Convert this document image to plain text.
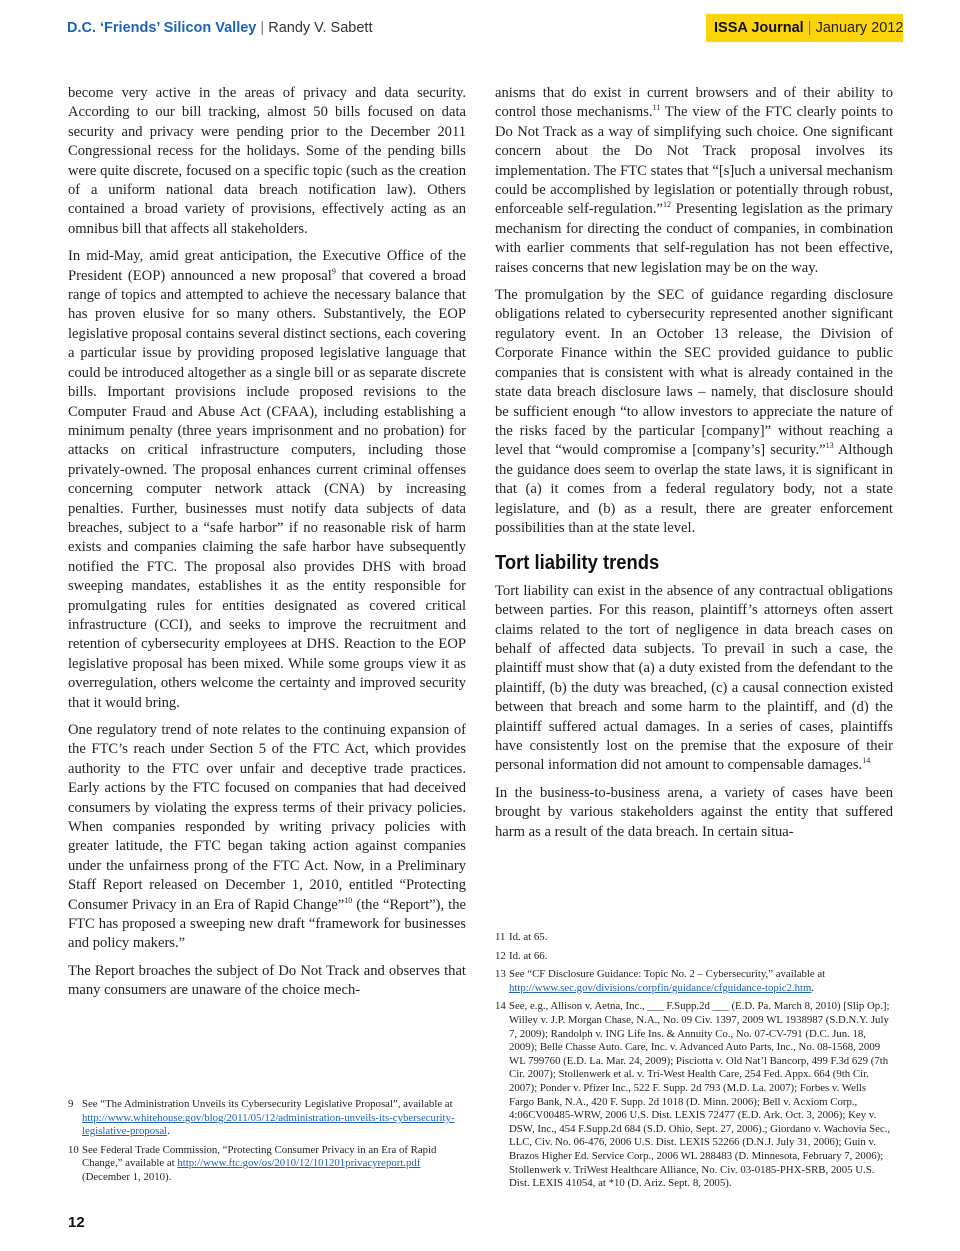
D.C. ‘Friends’ Silicon Valley | Randy V. Sabett	ISSA Journal | January 2012

become very active in the areas of privacy and data security. According to our bill tracking, almost 50 bills focused on data security and privacy were pending prior to the December 2011 Congressional recess for the holidays. Some of the pending bills were quite discrete, focused on a specific topic (such as the creation of a uniform national data breach notification law). Others contained a broad variety of provisions, effectively acting as an omnibus bill that affects all stakeholders.

In mid-May, amid great anticipation, the Executive Office of the President (EOP) announced a new proposal$^9$ that covered a broad range of topics and attempted to achieve the necessary balance that has proven elusive for so many others. Substantively, the EOP legislative proposal contains several distinct sections, each covering a particular issue by providing proposed legislative language that could be introduced altogether as a single bill or as separate discrete bills. Important provisions include proposed revisions to the Computer Fraud and Abuse Act (CFAA), including establishing a minimum penalty (three years imprisonment and no probation) for attacks on critical infrastructure computers, including those privately-owned. The proposal enhances current criminal offenses concerning computer network attack (CNA) by increasing penalties. Further, businesses must notify data subjects of data breaches, subject to a “safe harbor” if no reasonable risk of harm exists and companies claiming the safe harbor have subsequently notified the FTC. The proposal also provides DHS with broad sweeping mandates, establishes it as the entity responsible for promulgating rules for entities designated as covered critical infrastructure (CCI), and seeks to improve the recruitment and retention of cybersecurity employees at DHS. Reaction to the EOP legislative proposal has been mixed. While some groups view it as overregulation, others welcome the certainty and improved security that it would bring.

One regulatory trend of note relates to the continuing expansion of the FTC’s reach under Section 5 of the FTC Act, which provides authority to the FTC over unfair and deceptive trade practices. Early actions by the FTC focused on companies that had deceived consumers by violating the express terms of their privacy policies. When companies responded by writing privacy policies with greater latitude, the FTC began taking action against companies under the unfairness prong of the FTC Act. Now, in a Preliminary Staff Report released on December 1, 2010, entitled “Protecting Consumer Privacy in an Era of Rapid Change”$^{10}$ (the “Report”), the FTC has proposed a sweeping new draft “framework for businesses and policy makers.”

The Report broaches the subject of Do Not Track and observes that many consumers are unaware of the choice mech-

anisms that do exist in current browsers and of their ability to control those mechanisms.$^{11}$ The view of the FTC clearly points to Do Not Track as a way of simplifying such choice. One significant concern about the Do Not Track proposal involves its implementation. The FTC states that “[s]uch a universal mechanism could be accomplished by legislation or potentially through robust, enforceable self-regulation.”$^{12}$ Presenting legislation as the primary mechanism for directing the conduct of companies, in combination with earlier comments that self-regulation has not been effective, raises concerns that new legislation may be on the way.

The promulgation by the SEC of guidance regarding disclosure obligations related to cybersecurity represented another significant regulatory event. In an October 13 release, the Division of Corporate Finance within the SEC provided guidance to public companies that is consistent with what is already contained in the state data breach disclosure laws – namely, that disclosure should be sufficient enough “to allow investors to appreciate the nature of the risks faced by the particular [company]” without reaching a level that “would compromise a [company’s] security.”$^{13}$ Although the guidance does seem to overlap the state laws, it is significant in that (a) it comes from a federal regulatory body, not a state legislature, and (b) as a result, there are greater enforcement possibilities than at the state level.

Tort liability trends

Tort liability can exist in the absence of any contractual obligations between parties. For this reason, plaintiff’s attorneys often assert claims related to the tort of negligence in data breach cases on behalf of affected data subjects. To prevail in such a case, the plaintiff must show that (a) a duty existed from the defendant to the plaintiff, (b) the duty was breached, (c) a causal connection existed between that breach and some harm to the plaintiff, and (d) the plaintiff suffered actual damages. In a series of cases, plaintiffs have consistently lost on the premise that the exposure of their personal information did not amount to compensable damages.$^{14}$

In the business-to-business arena, a variety of cases have been brought by various stakeholders against the entity that suffered harm as a result of the data breach. In certain situa-

9 See “The Administration Unveils its Cybersecurity Legislative Proposal”, available at http://www.whitehouse.gov/blog/2011/05/12/administration-unveils-its-cybersecurity-legislative-proposal.
10 See Federal Trade Commission, “Protecting Consumer Privacy in an Era of Rapid Change,” available at http://www.ftc.gov/os/2010/12/101201privacyreport.pdf (December 1, 2010).
11 Id. at 65.
12 Id. at 66.
13 See “CF Disclosure Guidance: Topic No. 2 – Cybersecurity,” available at http://www.sec.gov/divisions/corpfin/guidance/cfguidance-topic2.htm.
14 See, e.g., Allison v. Aetna, Inc., ___ F.Supp.2d ___ (E.D. Pa. March 8, 2010) [Slip Op.]; Willey v. J.P. Morgan Chase, N.A., No. 09 Civ. 1397, 2009 WL 1938987 (S.D.N.Y. July 7, 2009); Randolph v. ING Life Ins. & Annuity Co., No. 07-CV-791 (D.C. Jun. 18, 2009); Belle Chasse Auto. Care, Inc. v. Advanced Auto Parts, Inc., No. 08-1568, 2009 WL 799760 (E.D. La. Mar. 24, 2009); Pisciotta v. Old Nat’l Bancorp, 499 F.3d 629 (7th Cir. 2007); Stollenwerk et al. v. Tri-West Health Care, 254 Fed. Appx. 664 (9th Cir. 2007); Ponder v. Pfizer Inc., 522 F. Supp. 2d 793 (M.D. La. 2007); Forbes v. Wells Fargo Bank, N.A., 420 F. Supp. 2d 1018 (D. Minn. 2006); Bell v. Acxiom Corp., 4:06CV00485-WRW, 2006 U.S. Dist. LEXIS 72477 (E.D. Ark. Oct. 3, 2006); Key v. DSW, Inc., 454 F.Supp.2d 684 (S.D. Ohio, Sept. 27, 2006).; Giordano v. Wachovia Sec., LLC, Civ. No. 06-476, 2006 U.S. Dist. LEXIS 52266 (D.N.J. July 31, 2006); Guin v. Brazos Higher Ed. Service Corp., 2006 WL 288483 (D. Minnesota, February 7, 2006); Stollenwerk v. TriWest Healthcare Alliance, No. Civ. 03-0185-PHX-SRB, 2005 U.S. Dist. LEXIS 41054, at *10 (D. Ariz. Sept. 8, 2005).
12
